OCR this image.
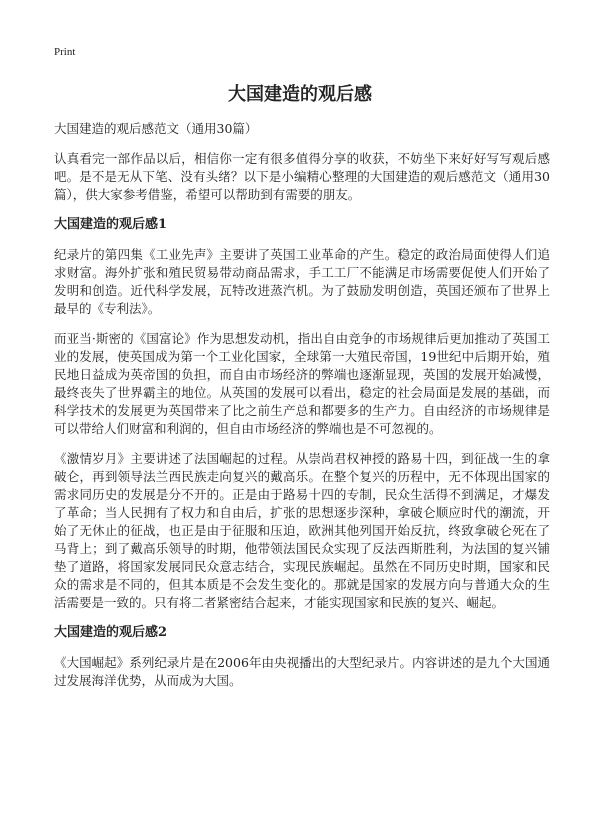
Print
大国建造的观后感
大国建造的观后感范文（通用30篇）

认真看完一部作品以后，相信你一定有很多值得分享的收获，不妨坐下来好好写写观后感吧。是不是无从下笔、没有头绪？以下是小编精心整理的大国建造的观后感范文（通用30篇），供大家参考借鉴，希望可以帮助到有需要的朋友。

大国建造的观后感1

纪录片的第四集《工业先声》主要讲了英国工业革命的产生。稳定的政治局面使得人们追求财富。海外扩张和殖民贸易带动商品需求，手工工厂不能满足市场需要促使人们开始了发明和创造。近代科学发展，瓦特改进蒸汽机。为了鼓励发明创造，英国还颁布了世界上最早的《专利法》。

而亚当·斯密的《国富论》作为思想发动机，指出自由竞争的市场规律后更加推动了英国工业的发展，使英国成为第一个工业化国家，全球第一大殖民帝国，19世纪中后期开始，殖民地日益成为英帝国的负担，而自由市场经济的弊端也逐渐显现，英国的发展开始减慢，最终丧失了世界霸主的地位。从英国的发展可以看出，稳定的社会局面是发展的基础，而科学技术的发展更为英国带来了比之前生产总和都要多的生产力。自由经济的市场规律是可以带给人们财富和利润的，但自由市场经济的弊端也是不可忽视的。

《激情岁月》主要讲述了法国崛起的过程。从崇尚君权神授的路易十四，到征战一生的拿破仑，再到领导法兰西民族走向复兴的戴高乐。在整个复兴的历程中，无不体现出国家的需求同历史的发展是分不开的。正是由于路易十四的专制，民众生活得不到满足，才爆发了革命；当人民拥有了权力和自由后，扩张的思想逐步深种，拿破仑顺应时代的潮流，开始了无休止的征战，也正是由于征服和压迫，欧洲其他列国开始反抗，终致拿破仑死在了马背上；到了戴高乐领导的时期，他带领法国民众实现了反法西斯胜利，为法国的复兴铺垫了道路，将国家发展同民众意志结合，实现民族崛起。虽然在不同历史时期，国家和民众的需求是不同的，但其本质是不会发生变化的。那就是国家的发展方向与普通大众的生活需要是一致的。只有将二者紧密结合起来，才能实现国家和民族的复兴、崛起。

大国建造的观后感2

《大国崛起》系列纪录片是在2006年由央视播出的大型纪录片。内容讲述的是九个大国通过发展海洋优势，从而成为大国。
